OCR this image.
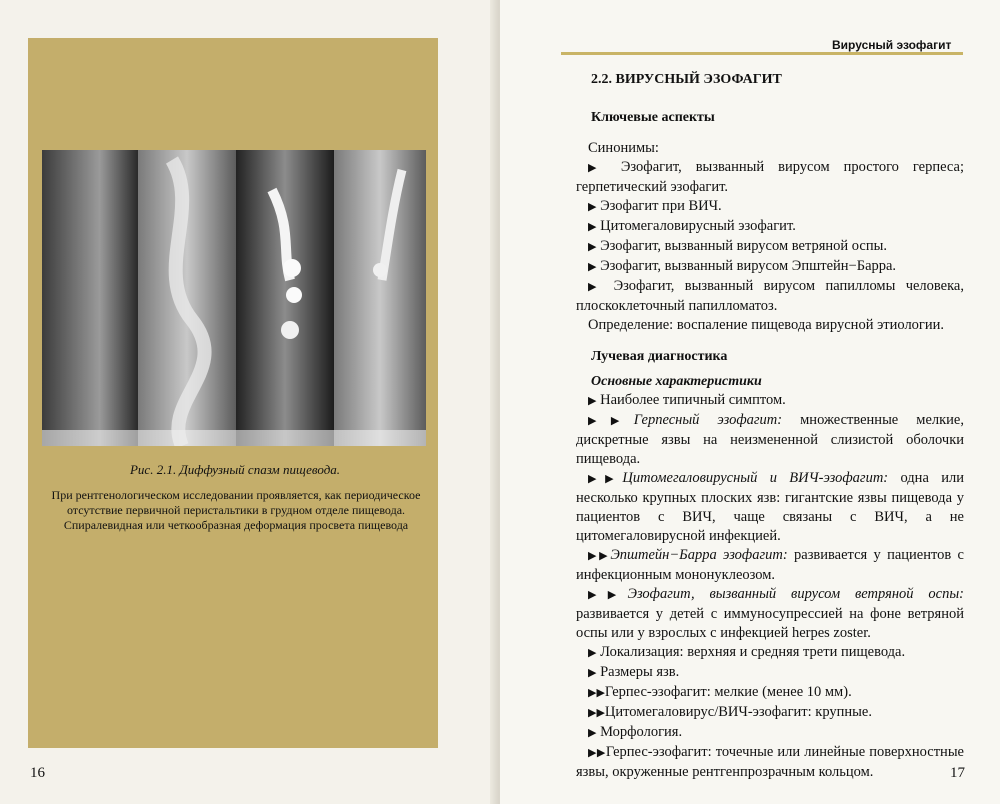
Рис. 2.1. Диффузный спазм пищевода.
При рентгенологическом исследовании проявляется, как периодическое отсутствие первичной перистальтики в грудном отделе пищевода. Спиралевидная или четкообразная деформация просвета пищевода
16
Вирусный эзофагит
2.2. ВИРУСНЫЙ ЭЗОФАГИТ

Ключевые аспекты

Синонимы:

▶ Эзофагит, вызванный вирусом простого герпеса; герпетический эзофагит.

▶ Эзофагит при ВИЧ.

▶ Цитомегаловирусный эзофагит.

▶ Эзофагит, вызванный вирусом ветряной оспы.

▶ Эзофагит, вызванный вирусом Эпштейн−Барра.

▶ Эзофагит, вызванный вирусом папилломы человека, плоскоклеточный папилломатоз.

Определение: воспаление пищевода вирусной этиологии.

Лучевая диагностика

Основные характеристики

▶ Наиболее типичный симптом.

▶▶Герпесный эзофагит: множественные мелкие, дискретные язвы на неизмененной слизистой оболочки пищевода.

▶▶Цитомегаловирусный и ВИЧ-эзофагит: одна или несколько крупных плоских язв: гигантские язвы пищевода у пациентов с ВИЧ, чаще связаны с ВИЧ, а не цитомегаловирусной инфекцией.

▶▶Эпштейн−Барра эзофагит: развивается у пациентов с инфекционным мононуклеозом.

▶▶Эзофагит, вызванный вирусом ветряной оспы: развивается у детей с иммуносупрессией на фоне ветряной оспы или у взрослых с инфекцией herpes zoster.

▶ Локализация: верхняя и средняя трети пищевода.

▶ Размеры язв.

▶▶Герпес-эзофагит: мелкие (менее 10 мм).

▶▶Цитомегаловирус/ВИЧ-эзофагит: крупные.

▶ Морфология.

▶▶Герпес-эзофагит: точечные или линейные поверхностные язвы, окруженные рентгенпрозрачным кольцом.	17
